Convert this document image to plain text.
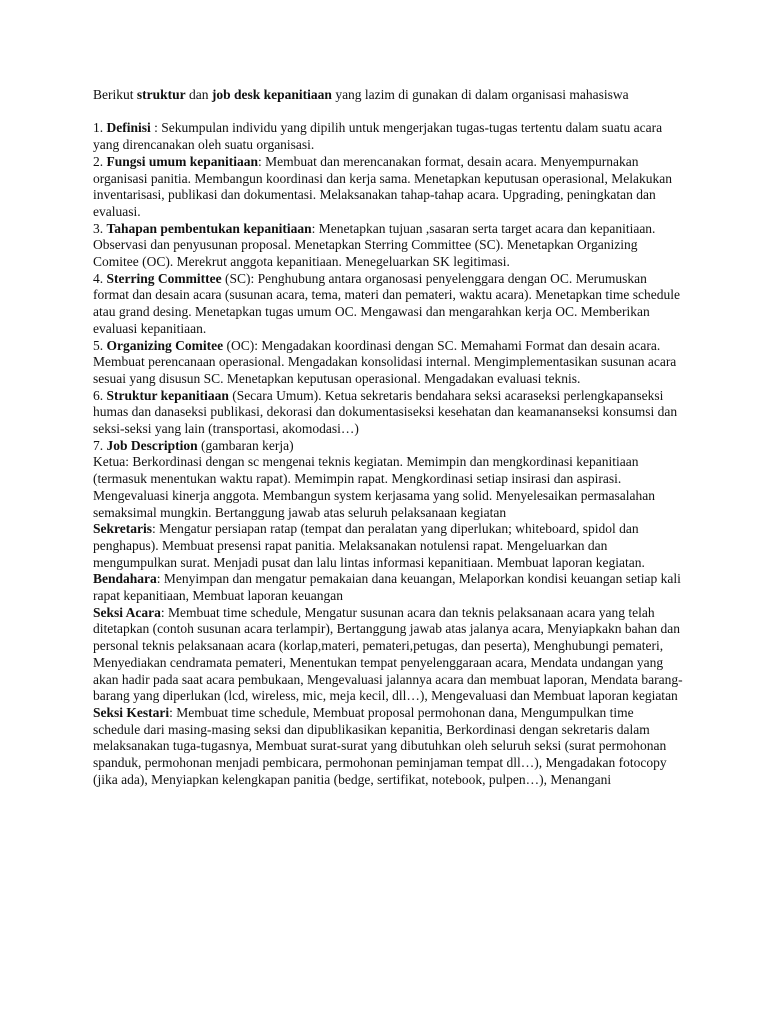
Berikut struktur dan job desk kepanitiaan yang lazim di gunakan di dalam organisasi mahasiswa

1. Definisi : Sekumpulan individu yang dipilih untuk mengerjakan tugas-tugas tertentu dalam suatu acara yang direncanakan oleh suatu organisasi.

2. Fungsi umum kepanitiaan: Membuat dan merencanakan format, desain acara. Menyempurnakan organisasi panitia. Membangun koordinasi dan kerja sama. Menetapkan keputusan operasional, Melakukan inventarisasi, publikasi dan dokumentasi. Melaksanakan tahap-tahap acara. Upgrading, peningkatan dan evaluasi.

3. Tahapan pembentukan kepanitiaan: Menetapkan tujuan ,sasaran serta target acara dan kepanitiaan. Observasi dan penyusunan proposal. Menetapkan Sterring Committee (SC). Menetapkan Organizing Comitee (OC). Merekrut anggota kepanitiaan. Menegeluarkan SK legitimasi.

4. Sterring Committee (SC): Penghubung antara organosasi penyelenggara dengan OC. Merumuskan format dan desain acara (susunan acara, tema, materi dan pemateri, waktu acara). Menetapkan time schedule atau grand desing. Menetapkan tugas umum OC. Mengawasi dan mengarahkan kerja OC. Memberikan evaluasi kepanitiaan.

5. Organizing Comitee (OC): Mengadakan koordinasi dengan SC. Memahami Format dan desain acara. Membuat perencanaan operasional. Mengadakan konsolidasi internal. Mengimplementasikan susunan acara sesuai yang disusun SC. Menetapkan keputusan operasional. Mengadakan evaluasi teknis.

6. Struktur kepanitiaan (Secara Umum). Ketua sekretaris bendahara seksi acaraseksi perlengkapanseksi humas dan danaseksi publikasi, dekorasi dan dokumentasiseksi kesehatan dan keamananseksi konsumsi dan seksi-seksi yang lain (transportasi, akomodasi…)

7. Job Description (gambaran kerja)

Ketua: Berkordinasi dengan sc mengenai teknis kegiatan. Memimpin dan mengkordinasi kepanitiaan (termasuk menentukan waktu rapat). Memimpin rapat. Mengkordinasi setiap insirasi dan aspirasi. Mengevaluasi kinerja anggota. Membangun system kerjasama yang solid. Menyelesaikan permasalahan semaksimal mungkin. Bertanggung jawab atas seluruh pelaksanaan kegiatan

Sekretaris: Mengatur persiapan ratap (tempat dan peralatan yang diperlukan; whiteboard, spidol dan penghapus). Membuat presensi rapat panitia. Melaksanakan notulensi rapat. Mengeluarkan dan mengumpulkan surat. Menjadi pusat dan lalu lintas informasi kepanitiaan. Membuat laporan kegiatan.

Bendahara: Menyimpan dan mengatur pemakaian dana keuangan, Melaporkan kondisi keuangan setiap kali rapat kepanitiaan, Membuat laporan keuangan

Seksi Acara: Membuat time schedule, Mengatur susunan acara dan teknis pelaksanaan acara yang telah ditetapkan (contoh susunan acara terlampir), Bertanggung jawab atas jalanya acara, Menyiapkakn bahan dan personal teknis pelaksanaan acara (korlap,materi, pemateri,petugas, dan peserta), Menghubungi pemateri, Menyediakan cendramata pemateri, Menentukan tempat penyelenggaraan acara, Mendata undangan yang akan hadir pada saat acara pembukaan, Mengevaluasi jalannya acara dan membuat laporan, Mendata barang-barang yang diperlukan (lcd, wireless, mic, meja kecil, dll…), Mengevaluasi dan Membuat laporan kegiatan

Seksi Kestari: Membuat time schedule, Membuat proposal permohonan dana, Mengumpulkan time schedule dari masing-masing seksi dan dipublikasikan kepanitia, Berkordinasi dengan sekretaris dalam melaksanakan tuga-tugasnya, Membuat surat-surat yang dibutuhkan oleh seluruh seksi (surat permohonan spanduk, permohonan menjadi pembicara, permohonan peminjaman tempat dll…), Mengadakan fotocopy (jika ada), Menyiapkan kelengkapan panitia (bedge, sertifikat, notebook, pulpen…), Menangani
